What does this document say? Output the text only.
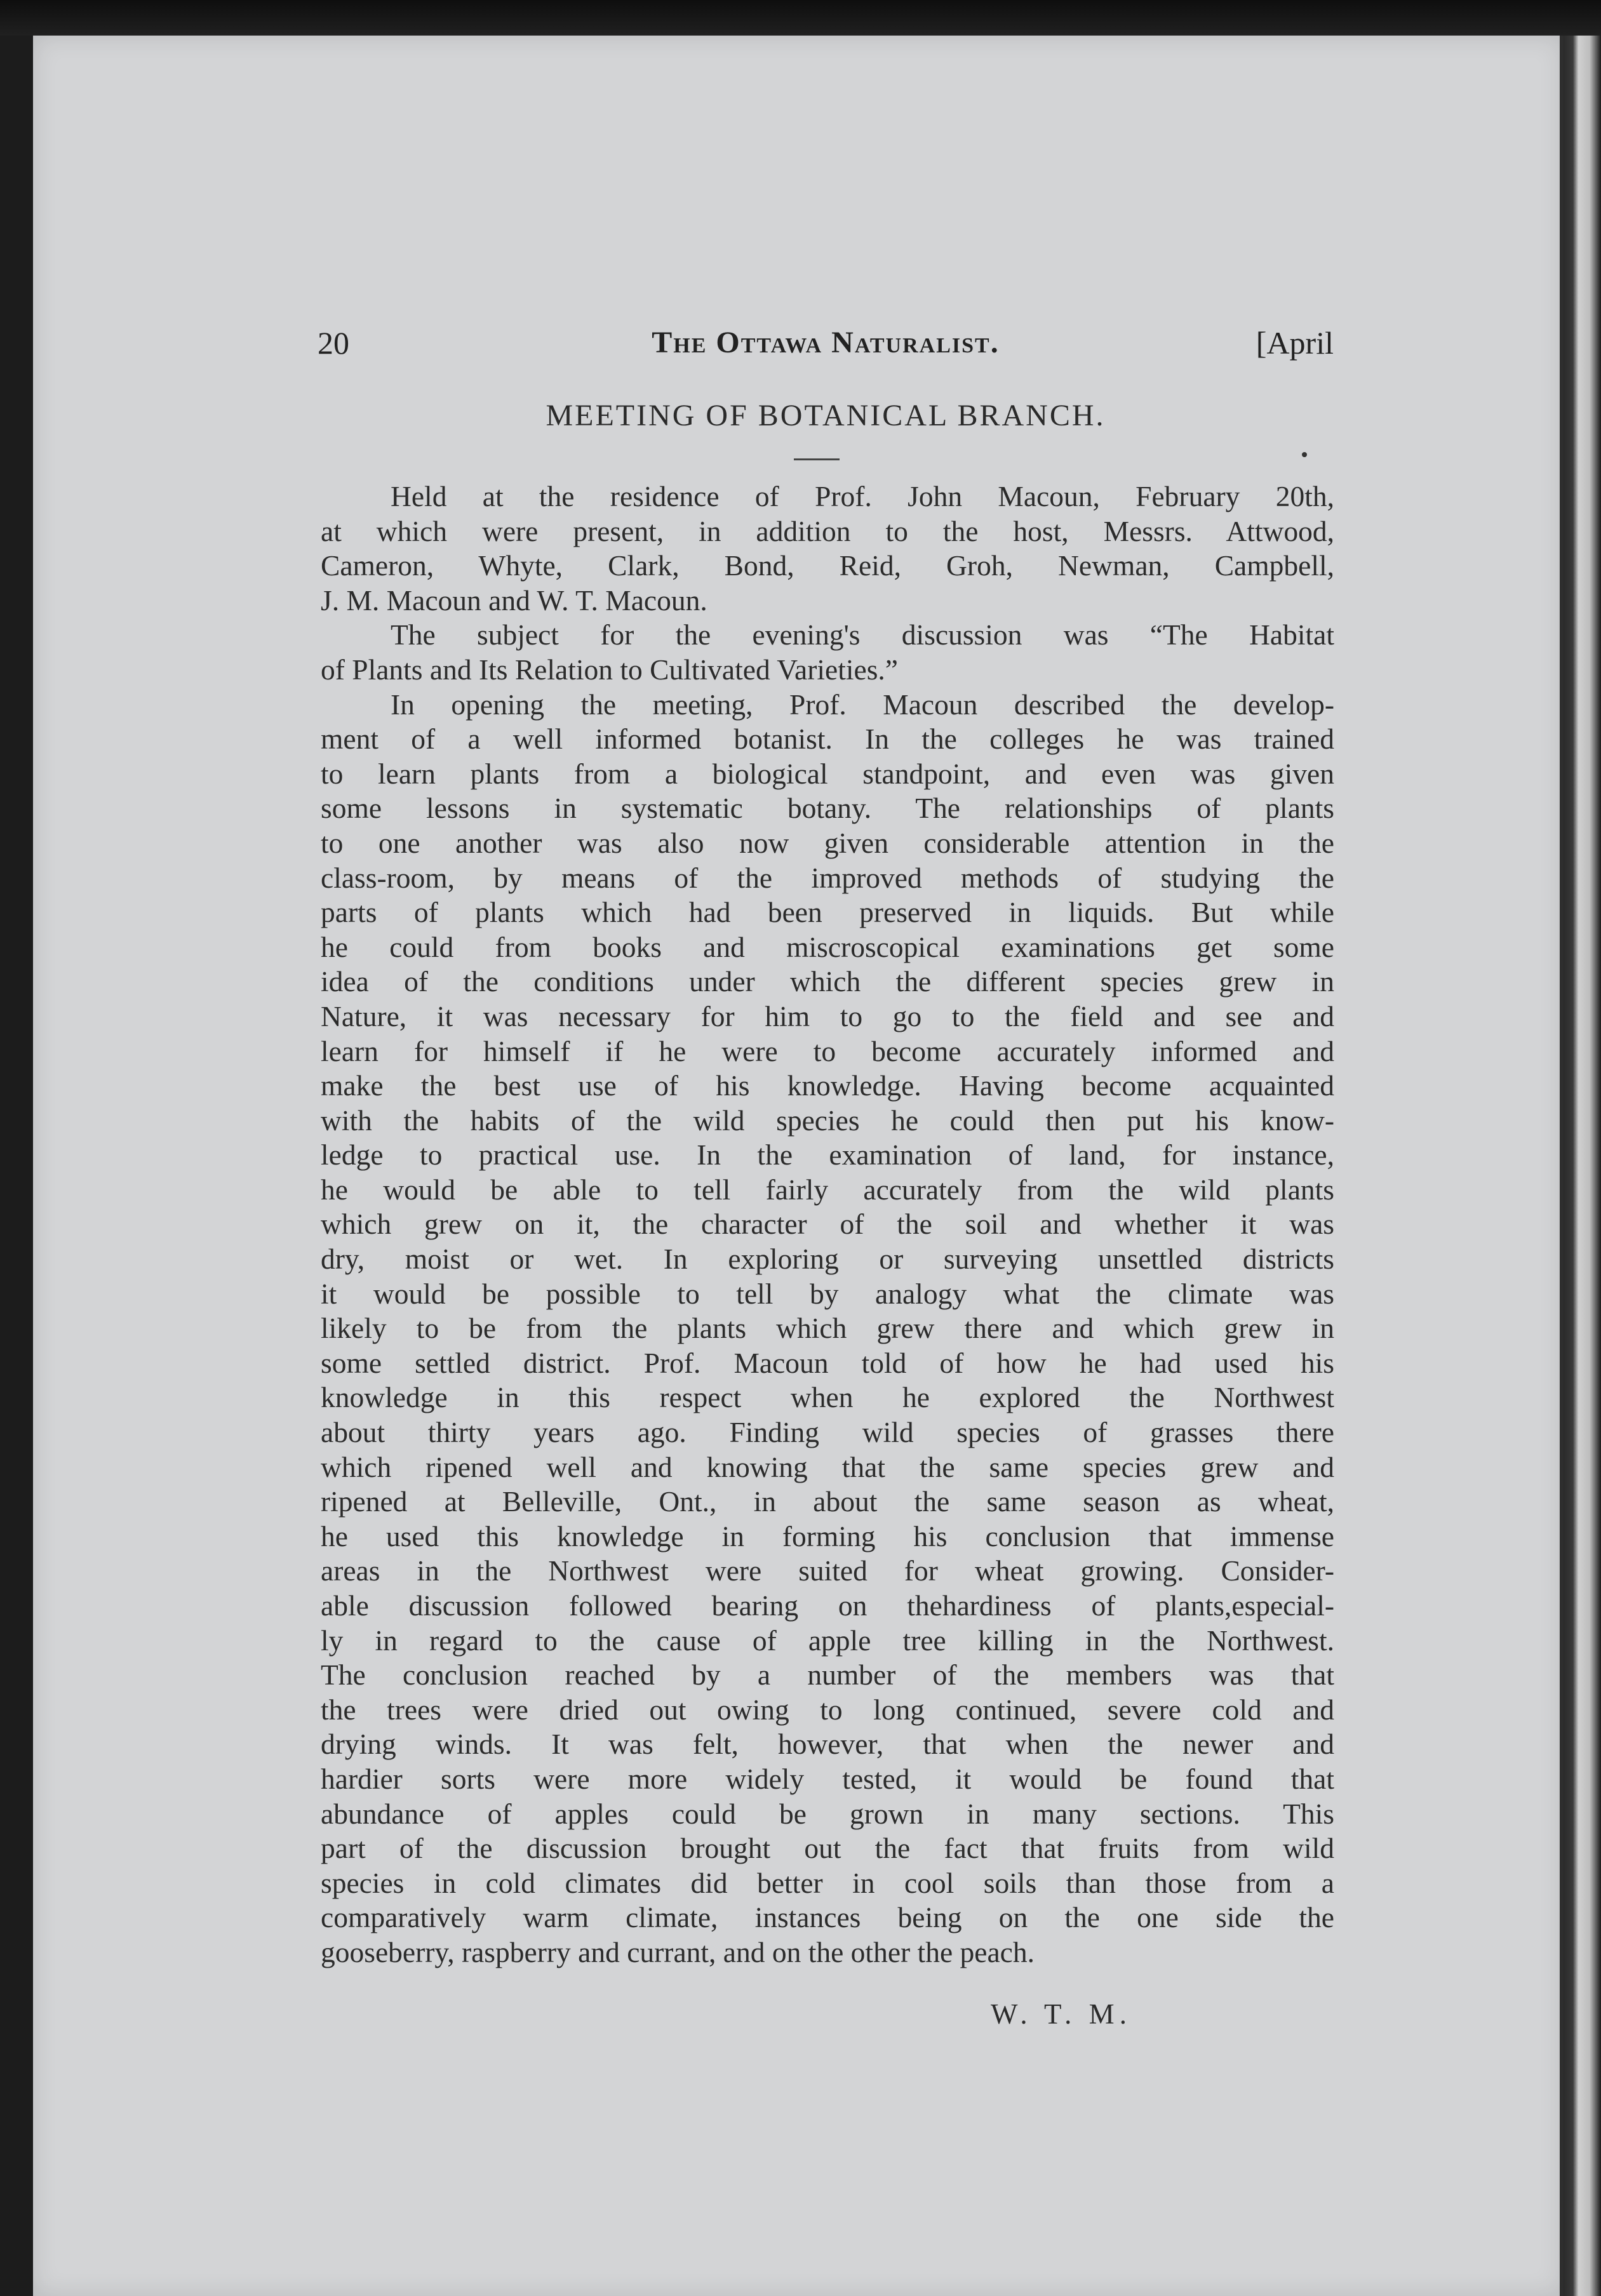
20	The Ottawa Naturalist.	[April
MEETING OF BOTANICAL BRANCH.

Held at the residence of Prof. John Macoun, February 20th,
at which were present, in addition to the host, Messrs. Attwood,
Cameron, Whyte, Clark, Bond, Reid, Groh, Newman, Campbell,
J. M. Macoun and W. T. Macoun.

The subject for the evening's discussion was “The Habitat
of Plants and Its Relation to Cultivated Varieties.”

In opening the meeting, Prof. Macoun described the develop-
ment of a well informed botanist. In the colleges he was trained
to learn plants from a biological standpoint, and even was given
some lessons in systematic botany. The relationships of plants
to one another was also now given considerable attention in the
class-room, by means of the improved methods of studying the
parts of plants which had been preserved in liquids. But while
he could from books and miscroscopical examinations get some
idea of the conditions under which the different species grew in
Nature, it was necessary for him to go to the field and see and
learn for himself if he were to become accurately informed and
make the best use of his knowledge. Having become acquainted
with the habits of the wild species he could then put his know-
ledge to practical use. In the examination of land, for instance,
he would be able to tell fairly accurately from the wild plants
which grew on it, the character of the soil and whether it was
dry, moist or wet. In exploring or surveying unsettled districts
it would be possible to tell by analogy what the climate was
likely to be from the plants which grew there and which grew in
some settled district. Prof. Macoun told of how he had used his
knowledge in this respect when he explored the Northwest
about thirty years ago. Finding wild species of grasses there
which ripened well and knowing that the same species grew and
ripened at Belleville, Ont., in about the same season as wheat,
he used this knowledge in forming his conclusion that immense
areas in the Northwest were suited for wheat growing. Consider-
able discussion followed bearing on thehardiness of plants,especial-
ly in regard to the cause of apple tree killing in the Northwest.
The conclusion reached by a number of the members was that
the trees were dried out owing to long continued, severe cold and
drying winds. It was felt, however, that when the newer and
hardier sorts were more widely tested, it would be found that
abundance of apples could be grown in many sections. This
part of the discussion brought out the fact that fruits from wild
species in cold climates did better in cool soils than those from a
comparatively warm climate, instances being on the one side the
gooseberry, raspberry and currant, and on the other the peach.

W. T. M.
